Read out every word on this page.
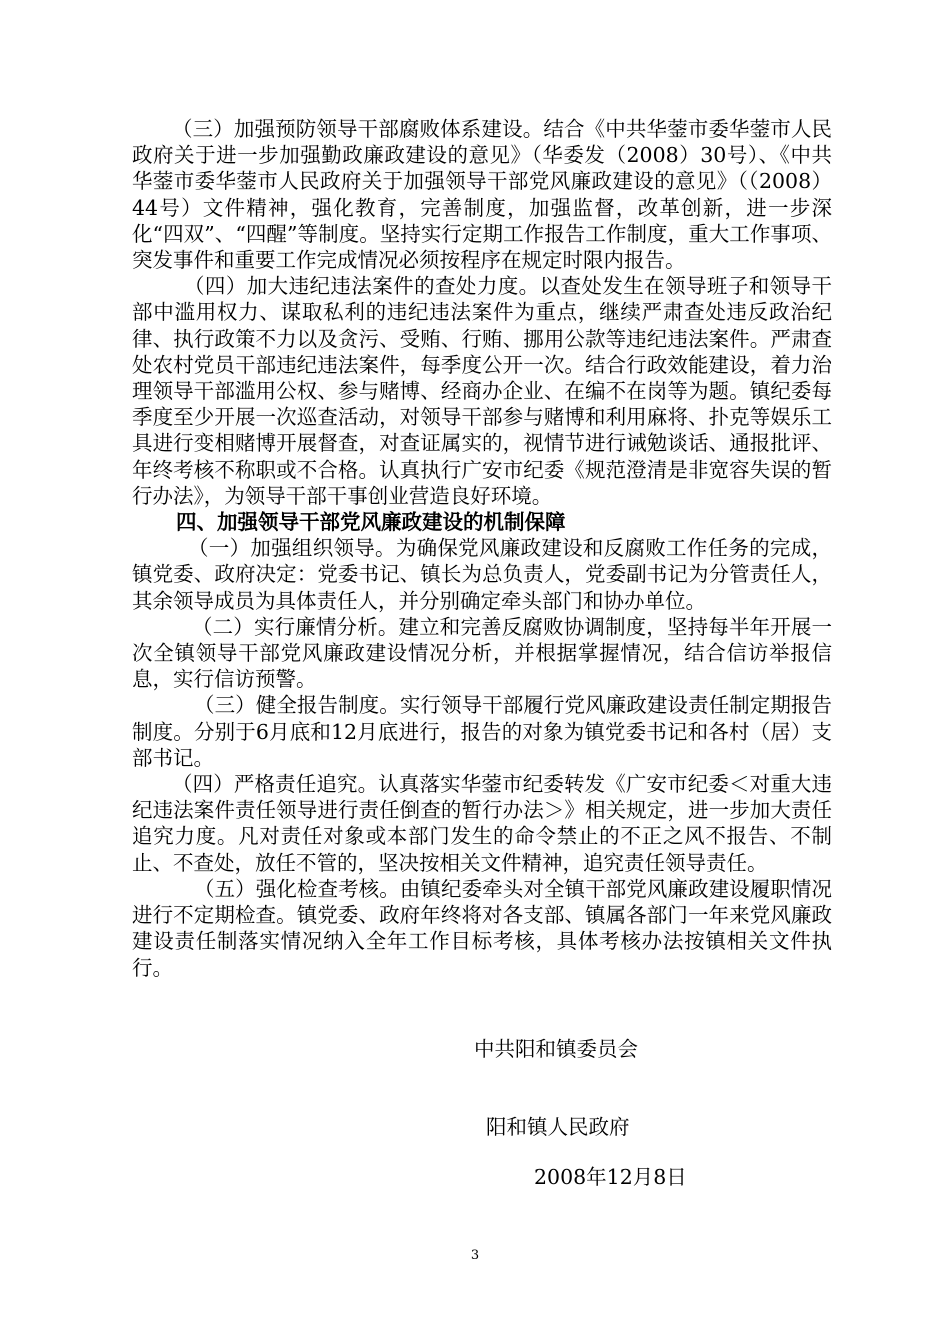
（三）加强预防领导干部腐败体系建设。结合《中共华蓥市委华蓥市人民政府关于进一步加强勤政廉政建设的意见》（华委发（2008）30号）、《中共华蓥市委华蓥市人民政府关于加强领导干部党风廉政建设的意见》（（2008）44号）文件精神，强化教育，完善制度，加强监督，改革创新，进一步深化“四双”、“四醒”等制度。坚持实行定期工作报告工作制度，重大工作事项、突发事件和重要工作完成情况必须按程序在规定时限内报告。

（四）加大违纪违法案件的查处力度。以查处发生在领导班子和领导干部中滥用权力、谋取私利的违纪违法案件为重点，继续严肃查处违反政治纪律、执行政策不力以及贪污、受贿、行贿、挪用公款等违纪违法案件。严肃查处农村党员干部违纪违法案件，每季度公开一次。结合行政效能建设，着力治理领导干部滥用公权、参与赌博、经商办企业、在编不在岗等为题。镇纪委每季度至少开展一次巡查活动，对领导干部参与赌博和利用麻将、扑克等娱乐工具进行变相赌博开展督查，对查证属实的，视情节进行诫勉谈话、通报批评、年终考核不称职或不合格。认真执行广安市纪委《规范澄清是非宽容失误的暂行办法》，为领导干部干事创业营造良好环境。

四、加强领导干部党风廉政建设的机制保障

（一）加强组织领导。为确保党风廉政建设和反腐败工作任务的完成，镇党委、政府决定：党委书记、镇长为总负责人，党委副书记为分管责任人，其余领导成员为具体责任人，并分别确定牵头部门和协办单位。

（二）实行廉情分析。建立和完善反腐败协调制度，坚持每半年开展一次全镇领导干部党风廉政建设情况分析，并根据掌握情况，结合信访举报信息，实行信访预警。

（三）健全报告制度。实行领导干部履行党风廉政建设责任制定期报告制度。分别于6月底和12月底进行，报告的对象为镇党委书记和各村（居）支部书记。

（四）严格责任追究。认真落实华蓥市纪委转发《广安市纪委＜对重大违纪违法案件责任领导进行责任倒查的暂行办法＞》相关规定，进一步加大责任追究力度。凡对责任对象或本部门发生的命令禁止的不正之风不报告、不制止、不查处，放任不管的，坚决按相关文件精神，追究责任领导责任。

（五）强化检查考核。由镇纪委牵头对全镇干部党风廉政建设履职情况进行不定期检查。镇党委、政府年终将对各支部、镇属各部门一年来党风廉政建设责任制落实情况纳入全年工作目标考核，具体考核办法按镇相关文件执行。

中共阳和镇委员会
阳和镇人民政府
2008年12月8日
3
